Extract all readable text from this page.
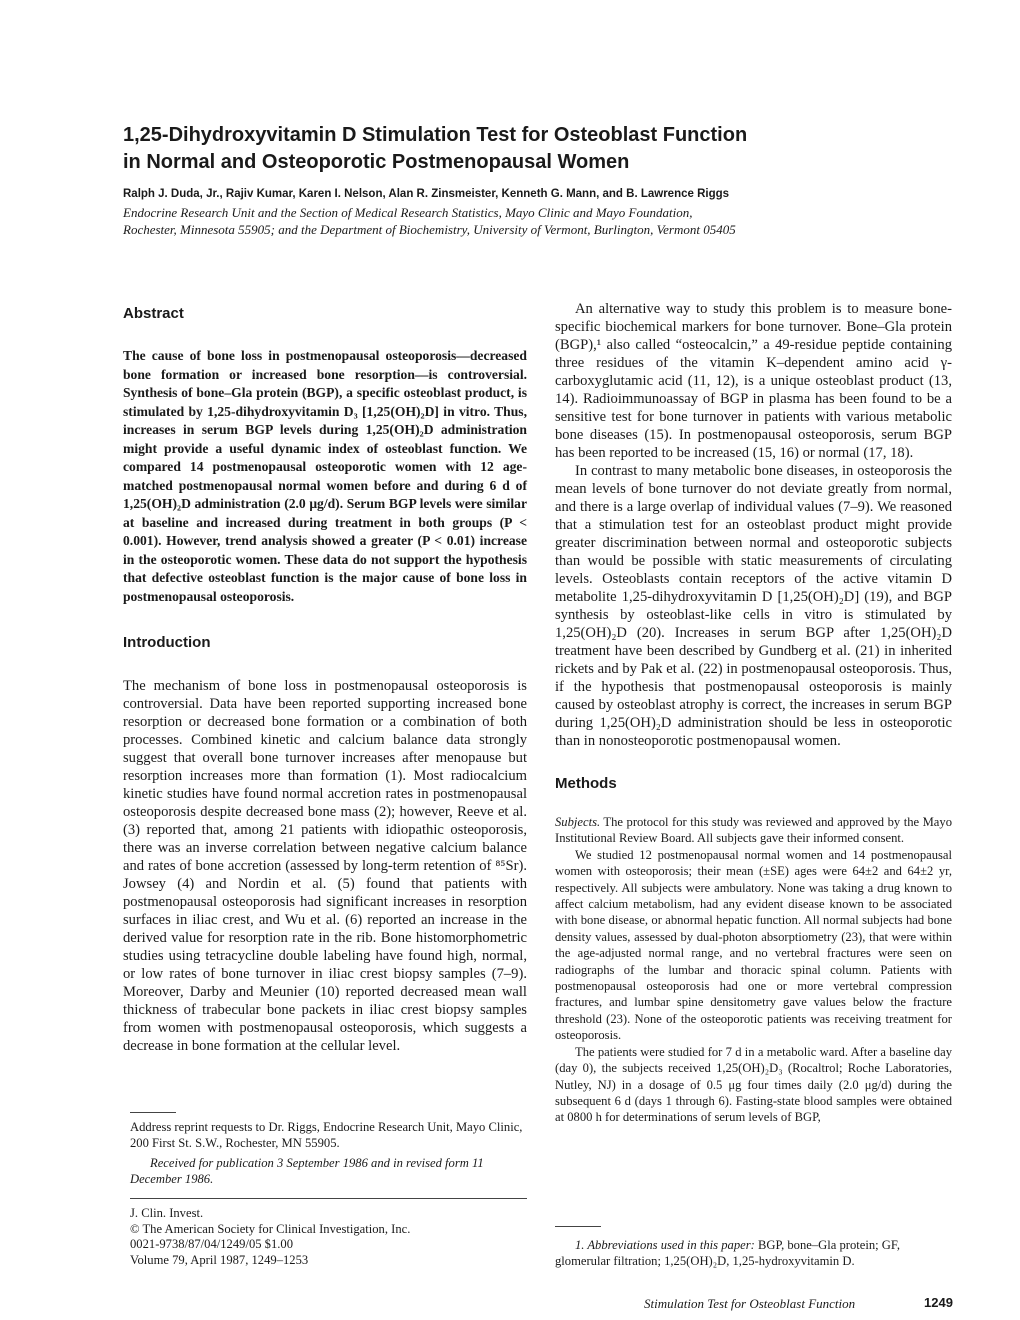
1,25-Dihydroxyvitamin D Stimulation Test for Osteoblast Function
in Normal and Osteoporotic Postmenopausal Women

Ralph J. Duda, Jr., Rajiv Kumar, Karen I. Nelson, Alan R. Zinsmeister, Kenneth G. Mann, and B. Lawrence Riggs

Endocrine Research Unit and the Section of Medical Research Statistics, Mayo Clinic and Mayo Foundation,
Rochester, Minnesota 55905; and the Department of Biochemistry, University of Vermont, Burlington, Vermont 05405

Abstract

The cause of bone loss in postmenopausal osteoporosis—decreased bone formation or increased bone resorption—is controversial. Synthesis of bone–Gla protein (BGP), a specific osteoblast product, is stimulated by 1,25-dihydroxyvitamin D₃ [1,25(OH)₂D] in vitro. Thus, increases in serum BGP levels during 1,25(OH)₂D administration might provide a useful dynamic index of osteoblast function. We compared 14 postmenopausal osteoporotic women with 12 age-matched postmenopausal normal women before and during 6 d of 1,25(OH)₂D administration (2.0 μg/d). Serum BGP levels were similar at baseline and increased during treatment in both groups (P < 0.001). However, trend analysis showed a greater (P < 0.01) increase in the osteoporotic women. These data do not support the hypothesis that defective osteoblast function is the major cause of bone loss in postmenopausal osteoporosis.

Introduction

The mechanism of bone loss in postmenopausal osteoporosis is controversial. Data have been reported supporting increased bone resorption or decreased bone formation or a combination of both processes. Combined kinetic and calcium balance data strongly suggest that overall bone turnover increases after menopause but resorption increases more than formation (1). Most radiocalcium kinetic studies have found normal accretion rates in postmenopausal osteoporosis despite decreased bone mass (2); however, Reeve et al. (3) reported that, among 21 patients with idiopathic osteoporosis, there was an inverse correlation between negative calcium balance and rates of bone accretion (assessed by long-term retention of ⁸⁵Sr). Jowsey (4) and Nordin et al. (5) found that patients with postmenopausal osteoporosis had significant increases in resorption surfaces in iliac crest, and Wu et al. (6) reported an increase in the derived value for resorption rate in the rib. Bone histomorphometric studies using tetracycline double labeling have found high, normal, or low rates of bone turnover in iliac crest biopsy samples (7–9). Moreover, Darby and Meunier (10) reported decreased mean wall thickness of trabecular bone packets in iliac crest biopsy samples from women with postmenopausal osteoporosis, which suggests a decrease in bone formation at the cellular level.

Address reprint requests to Dr. Riggs, Endocrine Research Unit, Mayo Clinic, 200 First St. S.W., Rochester, MN 55905.

Received for publication 3 September 1986 and in revised form 11 December 1986.

J. Clin. Invest.
© The American Society for Clinical Investigation, Inc.
0021-9738/87/04/1249/05 $1.00
Volume 79, April 1987, 1249–1253

An alternative way to study this problem is to measure bone-specific biochemical markers for bone turnover. Bone–Gla protein (BGP),¹ also called “osteocalcin,” a 49-residue peptide containing three residues of the vitamin K–dependent amino acid γ-carboxyglutamic acid (11, 12), is a unique osteoblast product (13, 14). Radioimmunoassay of BGP in plasma has been found to be a sensitive test for bone turnover in patients with various metabolic bone diseases (15). In postmenopausal osteoporosis, serum BGP has been reported to be increased (15, 16) or normal (17, 18).

In contrast to many metabolic bone diseases, in osteoporosis the mean levels of bone turnover do not deviate greatly from normal, and there is a large overlap of individual values (7–9). We reasoned that a stimulation test for an osteoblast product might provide greater discrimination between normal and osteoporotic subjects than would be possible with static measurements of circulating levels. Osteoblasts contain receptors of the active vitamin D metabolite 1,25-dihydroxyvitamin D [1,25(OH)₂D] (19), and BGP synthesis by osteoblast-like cells in vitro is stimulated by 1,25(OH)₂D (20). Increases in serum BGP after 1,25(OH)₂D treatment have been described by Gundberg et al. (21) in inherited rickets and by Pak et al. (22) in postmenopausal osteoporosis. Thus, if the hypothesis that postmenopausal osteoporosis is mainly caused by osteoblast atrophy is correct, the increases in serum BGP during 1,25(OH)₂D administration should be less in osteoporotic than in nonosteoporotic postmenopausal women.

Methods

Subjects. The protocol for this study was reviewed and approved by the Mayo Institutional Review Board. All subjects gave their informed consent.

We studied 12 postmenopausal normal women and 14 postmenopausal women with osteoporosis; their mean (±SE) ages were 64±2 and 64±2 yr, respectively. All subjects were ambulatory. None was taking a drug known to affect calcium metabolism, had any evident disease known to be associated with bone disease, or abnormal hepatic function. All normal subjects had bone density values, assessed by dual-photon absorptiometry (23), that were within the age-adjusted normal range, and no vertebral fractures were seen on radiographs of the lumbar and thoracic spinal column. Patients with postmenopausal osteoporosis had one or more vertebral compression fractures, and lumbar spine densitometry gave values below the fracture threshold (23). None of the osteoporotic patients was receiving treatment for osteoporosis.

The patients were studied for 7 d in a metabolic ward. After a baseline day (day 0), the subjects received 1,25(OH)₂D₃ (Rocaltrol; Roche Laboratories, Nutley, NJ) in a dosage of 0.5 μg four times daily (2.0 μg/d) during the subsequent 6 d (days 1 through 6). Fasting-state blood samples were obtained at 0800 h for determinations of serum levels of BGP,

1. Abbreviations used in this paper: BGP, bone–Gla protein; GF, glomerular filtration; 1,25(OH)₂D, 1,25-hydroxyvitamin D.

Stimulation Test for Osteoblast Function	1249
